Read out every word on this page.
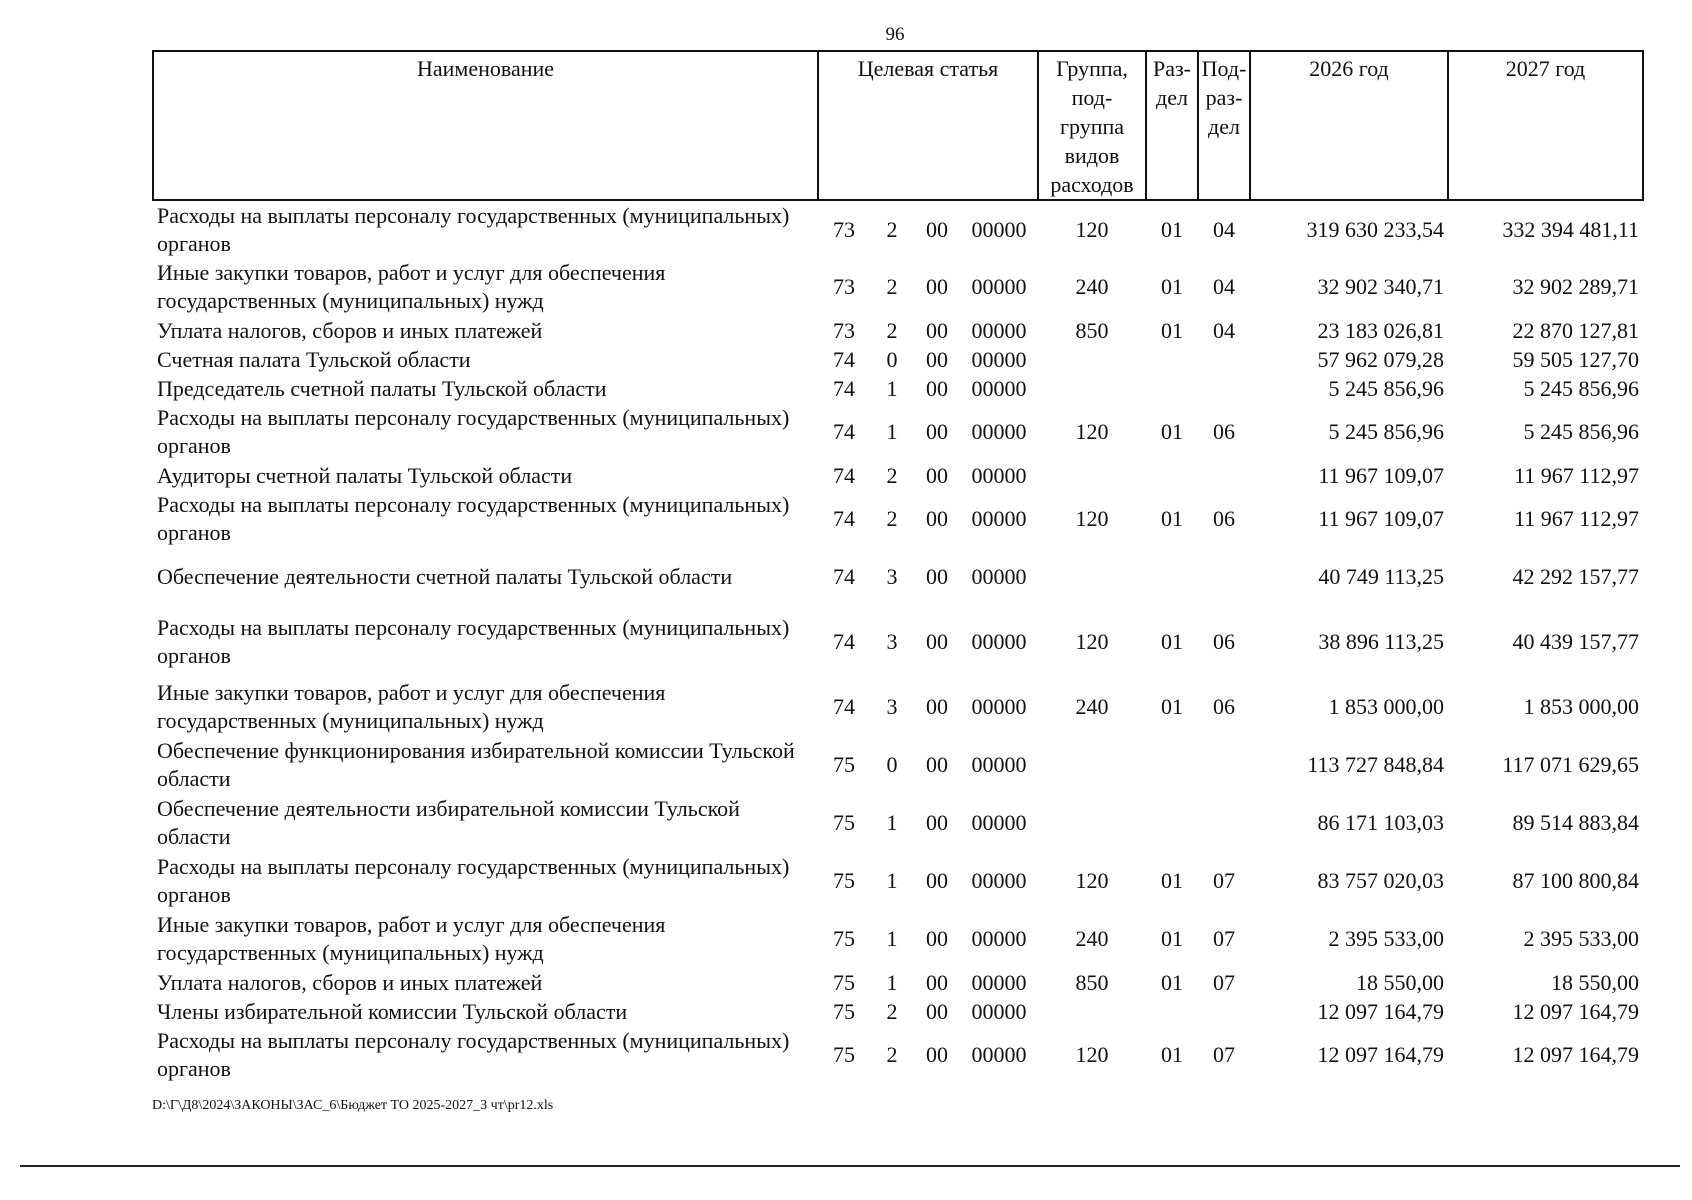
96
Наименование	Целевая статья				Группа, под- группа видов расходов	Раз- дел	Под- раз- дел	2026 год	2027 год
Расходы на выплаты персоналу государственных (муниципальных) органов	73	2	00	00000	120	01	04	319 630 233,54	332 394 481,11
Иные закупки товаров, работ и услуг для обеспечения государственных (муниципальных) нужд	73	2	00	00000	240	01	04	32 902 340,71	32 902 289,71
Уплата налогов, сборов и иных платежей	73	2	00	00000	850	01	04	23 183 026,81	22 870 127,81
Счетная палата Тульской области	74	0	00	00000				57 962 079,28	59 505 127,70
Председатель счетной палаты Тульской области	74	1	00	00000				5 245 856,96	5 245 856,96
Расходы на выплаты персоналу государственных (муниципальных) органов	74	1	00	00000	120	01	06	5 245 856,96	5 245 856,96
Аудиторы счетной палаты Тульской области	74	2	00	00000				11 967 109,07	11 967 112,97
Расходы на выплаты персоналу государственных (муниципальных) органов	74	2	00	00000	120	01	06	11 967 109,07	11 967 112,97
Обеспечение деятельности счетной палаты Тульской области	74	3	00	00000				40 749 113,25	42 292 157,77
Расходы на выплаты персоналу государственных (муниципальных) органов	74	3	00	00000	120	01	06	38 896 113,25	40 439 157,77
Иные закупки товаров, работ и услуг для обеспечения государственных (муниципальных) нужд	74	3	00	00000	240	01	06	1 853 000,00	1 853 000,00
Обеспечение функционирования избирательной комиссии Тульской области	75	0	00	00000				113 727 848,84	117 071 629,65
Обеспечение деятельности избирательной комиссии Тульской области	75	1	00	00000				86 171 103,03	89 514 883,84
Расходы на выплаты персоналу государственных (муниципальных) органов	75	1	00	00000	120	01	07	83 757 020,03	87 100 800,84
Иные закупки товаров, работ и услуг для обеспечения государственных (муниципальных) нужд	75	1	00	00000	240	01	07	2 395 533,00	2 395 533,00
Уплата налогов, сборов и иных платежей	75	1	00	00000	850	01	07	18 550,00	18 550,00
Члены избирательной комиссии Тульской области	75	2	00	00000				12 097 164,79	12 097 164,79
Расходы на выплаты персоналу государственных (муниципальных) органов	75	2	00	00000	120	01	07	12 097 164,79	12 097 164,79
D:\Г\Д8\2024\ЗАКОНЫ\ЗАС_6\Бюджет ТО 2025-2027_3 чт\pr12.xls
